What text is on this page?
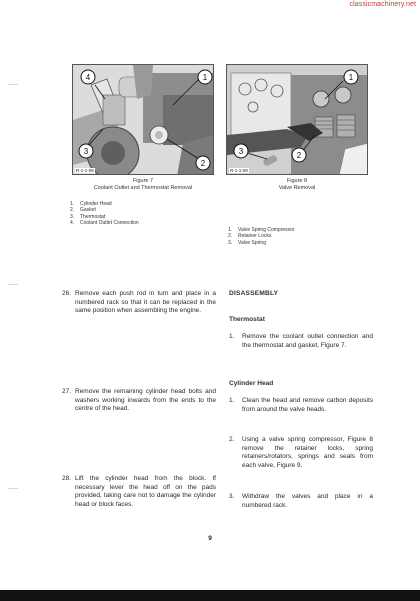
classicmachinery.net
4	1
3
2
R-1-1-08
Figure 7
Coolant Outlet and Thermostat Removal
1.	Cylinder Head
2.	Gasket
3.	Thermostat
4.	Coolant Outlet Connection
1
3	2
R-1-1-09
Figure 8
Valve Removal
1.	Valve Spring Compressor
2.	Retainer Locks
3.	Valve Spring
26. Remove each push rod in turn and place in a numbered rack so that it can be replaced in the same position when assembling the engine.
27. Remove the remaining cylinder head bolts and washers working inwards from the ends to the centre of the head.
28. Lift the cylinder head from the block. If necessary lever the head off on the pads provided, taking care not to damage the cylinder head or block faces.
DISASSEMBLY
Thermostat
1.	Remove the coolant outlet connection and the thermostat and gasket, Figure 7.
Cylinder Head
1.	Clean the head and remove carbon deposits from around the valve heads.
2.	Using a valve spring compressor, Figure 8 remove the retainer locks, spring retainers/rotators, springs and seals from each valve, Figure 9.
3.	Withdraw the valves and place in a numbered rack.
9
